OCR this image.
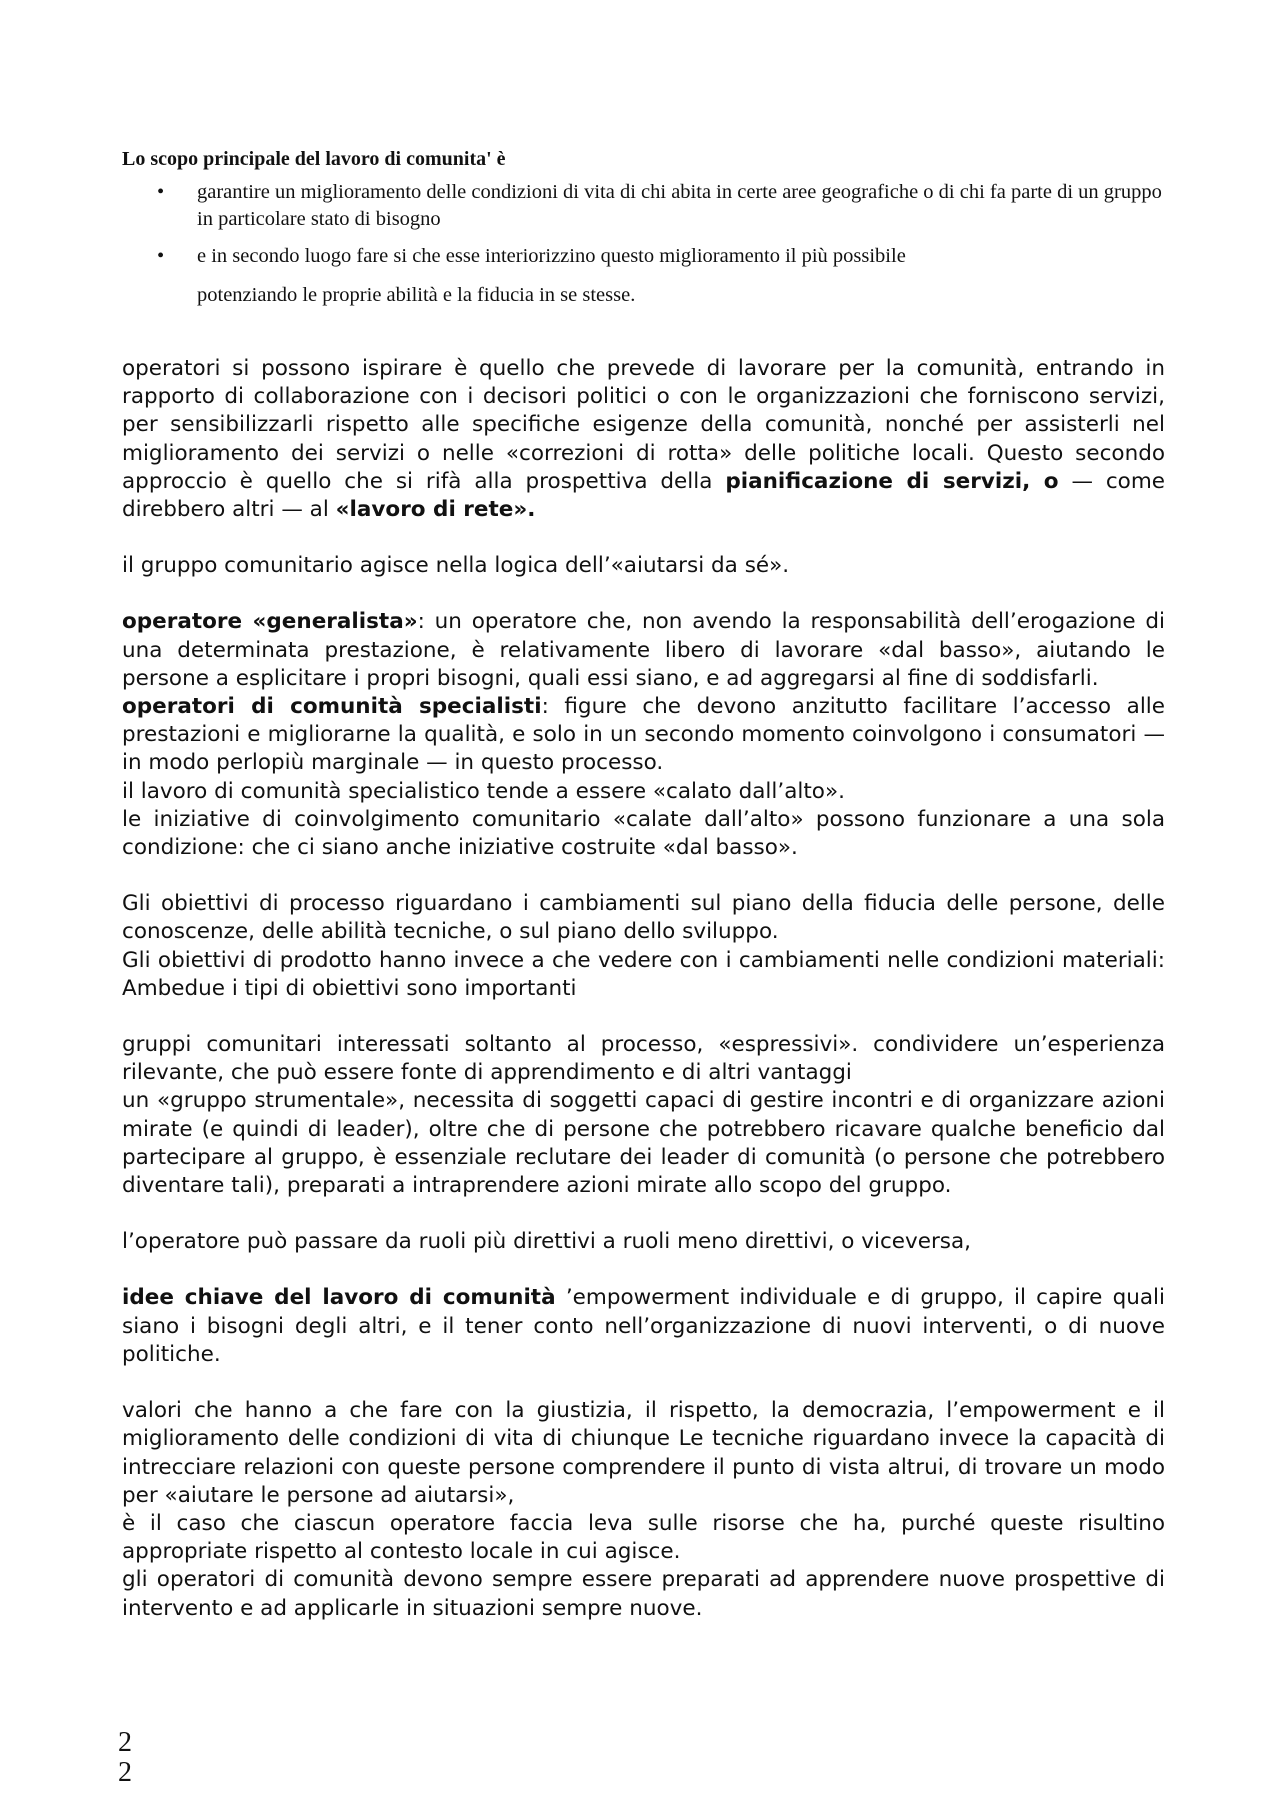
Lo scopo principale del lavoro di comunita' è
• garantire un miglioramento delle condizioni di vita di chi abita in certe aree geografiche o di chi fa parte di un gruppo in particolare stato di bisogno
• e in secondo luogo fare si che esse interiorizzino questo miglioramento il più possibile
potenziando le proprie abilità e la fiducia in se stesse.

operatori si possono ispirare è quello che prevede di lavorare per la comunità, entrando in rapporto di collaborazione con i decisori politici o con le organizzazioni che forniscono servizi, per sensibilizzarli rispetto alle specifiche esigenze della comunità, nonché per assisterli nel miglioramento dei servizi o nelle «correzioni di rotta» delle politiche locali. Questo secondo approccio è quello che si rifà alla prospettiva della pianificazione di servizi, o — come direbbero altri — al «lavoro di rete».

il gruppo comunitario agisce nella logica dell’«aiutarsi da sé».

operatore «generalista»: un operatore che, non avendo la responsabilità dell’erogazione di una determinata prestazione, è relativamente libero di lavorare «dal basso», aiutando le persone a esplicitare i propri bisogni, quali essi siano, e ad aggregarsi al fine di soddisfarli.

operatori di comunità specialisti: figure che devono anzitutto facilitare l’accesso alle prestazioni e migliorarne la qualità, e solo in un secondo momento coinvolgono i consumatori — in modo perlopiù marginale — in questo processo.

il lavoro di comunità specialistico tende a essere «calato dall’alto».

le iniziative di coinvolgimento comunitario «calate dall’alto» possono funzionare a una sola condizione: che ci siano anche iniziative costruite «dal basso».

Gli obiettivi di processo riguardano i cambiamenti sul piano della fiducia delle persone, delle conoscenze, delle abilità tecniche, o sul piano dello sviluppo.

Gli obiettivi di prodotto hanno invece a che vedere con i cambiamenti nelle condizioni materiali: Ambedue i tipi di obiettivi sono importanti

gruppi comunitari interessati soltanto al processo, «espressivi». condividere un’esperienza rilevante, che può essere fonte di apprendimento e di altri vantaggi

un «gruppo strumentale», necessita di soggetti capaci di gestire incontri e di organizzare azioni mirate (e quindi di leader), oltre che di persone che potrebbero ricavare qualche beneficio dal partecipare al gruppo, è essenziale reclutare dei leader di comunità (o persone che potrebbero diventare tali), preparati a intraprendere azioni mirate allo scopo del gruppo.

l’operatore può passare da ruoli più direttivi a ruoli meno direttivi, o viceversa,

idee chiave del lavoro di comunità ’empowerment individuale e di gruppo, il capire quali siano i bisogni degli altri, e il tener conto nell’organizzazione di nuovi interventi, o di nuove politiche.

valori che hanno a che fare con la giustizia, il rispetto, la democrazia, l’empowerment e il miglioramento delle condizioni di vita di chiunque Le tecniche riguardano invece la capacità di intrecciare relazioni con queste persone comprendere il punto di vista altrui, di trovare un modo per «aiutare le persone ad aiutarsi»,

è il caso che ciascun operatore faccia leva sulle risorse che ha, purché queste risultino appropriate rispetto al contesto locale in cui agisce.

gli operatori di comunità devono sempre essere preparati ad apprendere nuove prospettive di intervento e ad applicarle in situazioni sempre nuove.

2
2
